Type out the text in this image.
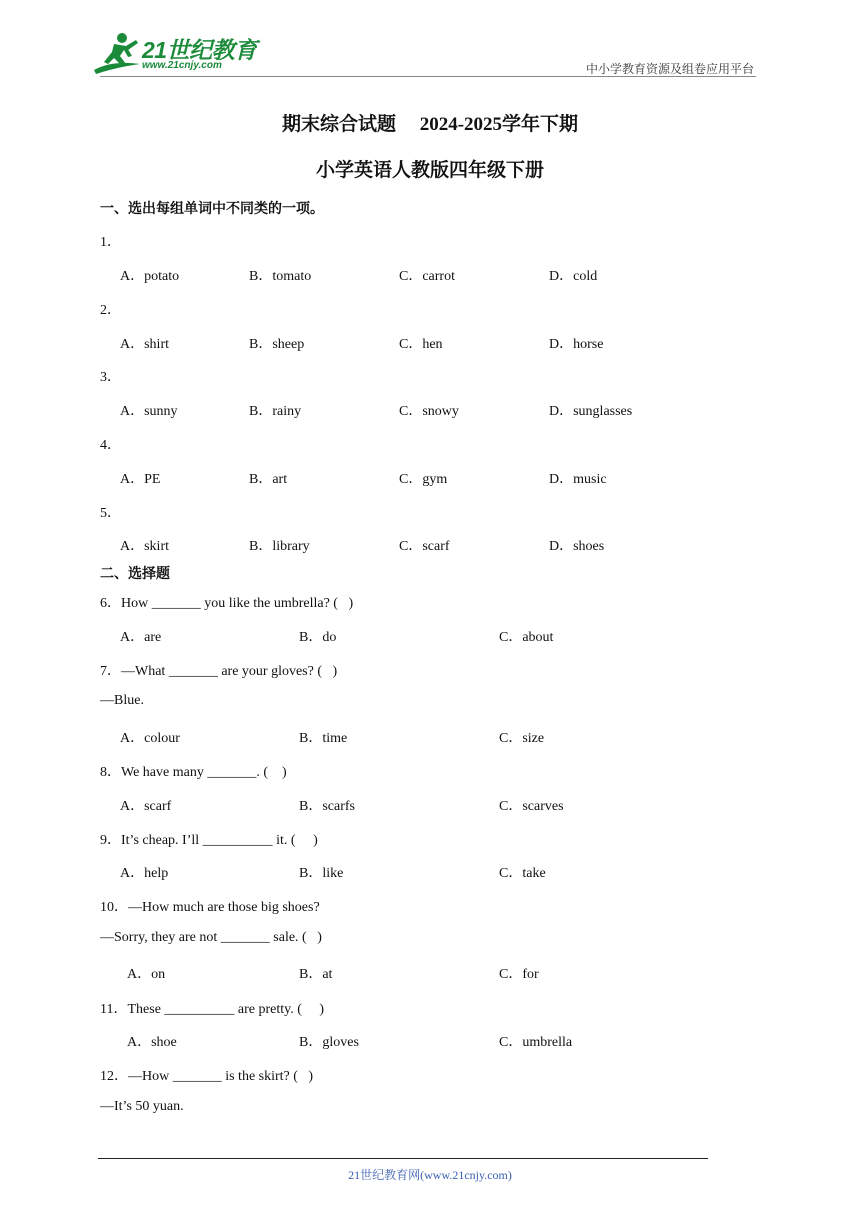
21世纪教育
www.21cnjy.com	中小学教育资源及组卷应用平台
期末综合试题　 2024-2025学年下期
小学英语人教版四年级下册
一、选出每组单词中不同类的一项。
1．
A．potato	B．tomato	C．carrot	D．cold
2．
A．shirt	B．sheep	C．hen	D．horse
3．
A．sunny	B．rainy	C．snowy	D．sunglasses
4．
A．PE	B．art	C．gym	D．music
5．
A．skirt	B．library	C．scarf	D．shoes
二、选择题
6．How _______ you like the umbrella? (   )
A．are	B．do	C．about
7．—What _______ are your gloves? (   )
—Blue.
A．colour	B．time	C．size
8．We have many _______. (    )
A．scarf	B．scarfs	C．scarves
9．It’s cheap. I’ll __________ it. (     )
A．help	B．like	C．take
10．—How much are those big shoes?
—Sorry, they are not _______ sale. (   )
A．on	B．at	C．for
11．These __________ are pretty. (     )
A．shoe	B．gloves	C．umbrella
12．—How _______ is the skirt? (   )
—It’s 50 yuan.
21世纪教育网(www.21cnjy.com)
